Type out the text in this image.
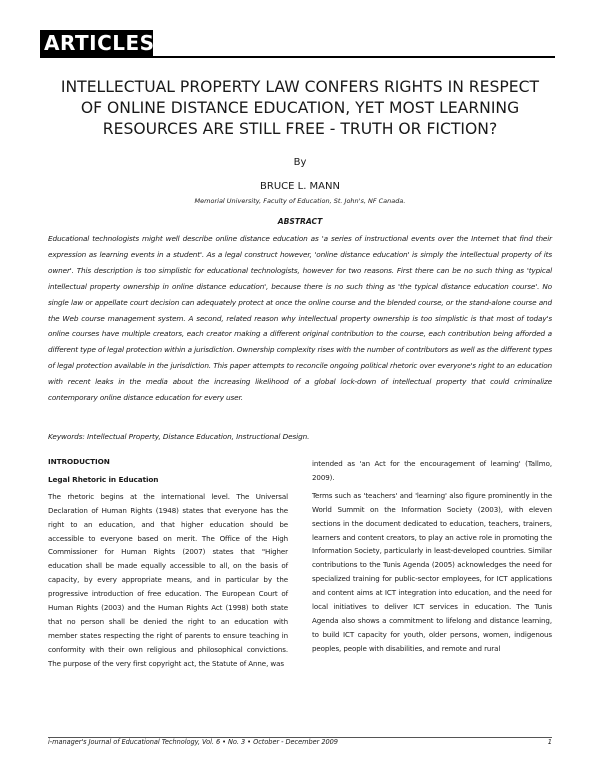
ARTICLES
INTELLECTUAL PROPERTY LAW CONFERS RIGHTS IN RESPECT OF ONLINE DISTANCE EDUCATION, YET MOST LEARNING RESOURCES ARE STILL FREE - TRUTH OR FICTION?
By
BRUCE L. MANN
Memorial University, Faculty of Education, St. John's, NF Canada.
ABSTRACT
Educational technologists might well describe online distance education as 'a series of instructional events over the Internet that find their expression as learning events in a student'. As a legal construct however, 'online distance education' is simply the intellectual property of its owner'. This description is too simplistic for educational technologists, however for two reasons. First there can be no such thing as 'typical intellectual property ownership in online distance education', because there is no such thing as 'the typical distance education course'. No single law or appellate court decision can adequately protect at once the online course and the blended course, or the stand-alone course and the Web course management system. A second, related reason why intellectual property ownership is too simplistic is that most of today's online courses have multiple creators, each creator making a different original contribution to the course, each contribution being afforded a different type of legal protection within a jurisdiction. Ownership complexity rises with the number of contributors as well as the different types of legal protection available in the jurisdiction. This paper attempts to reconcile ongoing political rhetoric over everyone's right to an education with recent leaks in the media about the increasing likelihood of a global lock-down of intellectual property that could criminalize contemporary online distance education for every user.
Keywords: Intellectual Property, Distance Education, Instructional Design.
INTRODUCTION
Legal Rhetoric in Education
The rhetoric begins at the international level. The Universal Declaration of Human Rights (1948) states that everyone has the right to an education, and that higher education should be accessible to everyone based on merit. The Office of the High Commissioner for Human Rights (2007) states that "Higher education shall be made equally accessible to all, on the basis of capacity, by every appropriate means, and in particular by the progressive introduction of free education. The European Court of Human Rights (2003) and the Human Rights Act (1998) both state that no person shall be denied the right to an education with member states respecting the right of parents to ensure teaching in conformity with their own religious and philosophical convictions. The purpose of the very first copyright act, the Statute of Anne, was
intended as 'an Act for the encouragement of learning' (Tallmo, 2009).
Terms such as 'teachers' and 'learning' also figure prominently in the World Summit on the Information Society (2003), with eleven sections in the document dedicated to education, teachers, trainers, learners and content creators, to play an active role in promoting the Information Society, particularly in least-developed countries. Similar contributions to the Tunis Agenda (2005) acknowledges the need for specialized training for public-sector employees, for ICT applications and content aims at ICT integration into education, and the need for local initiatives to deliver ICT services in education. The Tunis Agenda also shows a commitment to lifelong and distance learning, to build ICT capacity for youth, older persons, women, indigenous peoples, people with disabilities, and remote and rural
i-manager's Journal of Educational Technology, Vol. 6 • No. 3 • October - December 2009	1
